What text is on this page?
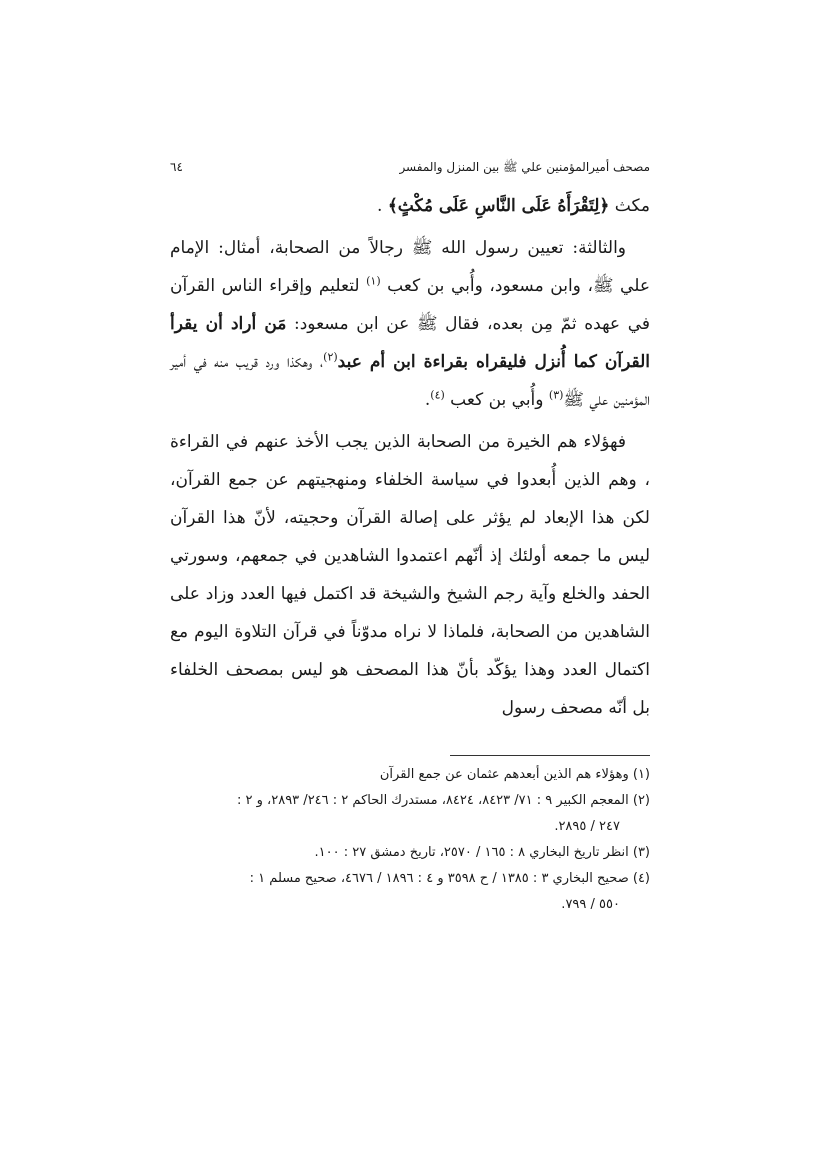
مصحف أميرالمؤمنين علي ﷺ بين المنزل والمفسر
٦٤

مكث ﴿لِتَقْرَأَهُ عَلَى النَّاسِ عَلَى مُكْثٍ﴾ .

والثالثة: تعيين رسول الله ﷺ رجالاً من الصحابة، أمثال: الإمام علي ﷺ، وابن مسعود، وأُبي بن كعب $^{(١)}$ لتعليم وإقراء الناس القرآن في عهده ثمّ مِن بعده، فقال ﷺ عن ابن مسعود: مَن أراد أن يقرأ القرآن كما أُنزل فليقراه بقراءة ابن أم عبد$^{(٢)}$، وهكذا ورد قريب منه في أمير المؤمنين علي ﷺ$^{(٣)}$ وأُبي بن كعب $^{(٤)}$.

فهؤلاء هم الخيرة من الصحابة الذين يجب الأخذ عنهم في القراءة ، وهم الذين أُبعدوا في سياسة الخلفاء ومنهجيتهم عن جمع القرآن، لكن هذا الإبعاد لم يؤثر على إصالة القرآن وحجيته، لأنّ هذا القرآن ليس ما جمعه أولئك إذ أنّهم اعتمدوا الشاهدين في جمعهم، وسورتي الحفد والخلع وآية رجم الشيخ والشيخة قد اكتمل فيها العدد وزاد على الشاهدين من الصحابة، فلماذا لا نراه مدوّناً في قرآن التلاوة اليوم مع اكتمال العدد وهذا يؤكّد بأنّ هذا المصحف هو ليس بمصحف الخلفاء بل أنّه مصحف رسول

(١) وهؤلاء هم الذين أبعدهم عثمان عن جمع القرآن

(٢) المعجم الكبير ٩ : ٧١/ ٨٤٢٣، ٨٤٢٤، مستدرك الحاكم ٢ : ٢٤٦/ ٢٨٩٣، و ٢ :

٢٤٧ / ٢٨٩٥.

(٣) انظر تاريخ البخاري ٨ : ١٦٥ / ٢٥٧٠، تاريخ دمشق ٢٧ : ١٠٠.

(٤) صحيح البخاري ٣ : ١٣٨٥ / ح ٣٥٩٨ و ٤ : ١٨٩٦ / ٤٦٧٦، صحيح مسلم ١ :

٥٥٠ / ٧٩٩.
